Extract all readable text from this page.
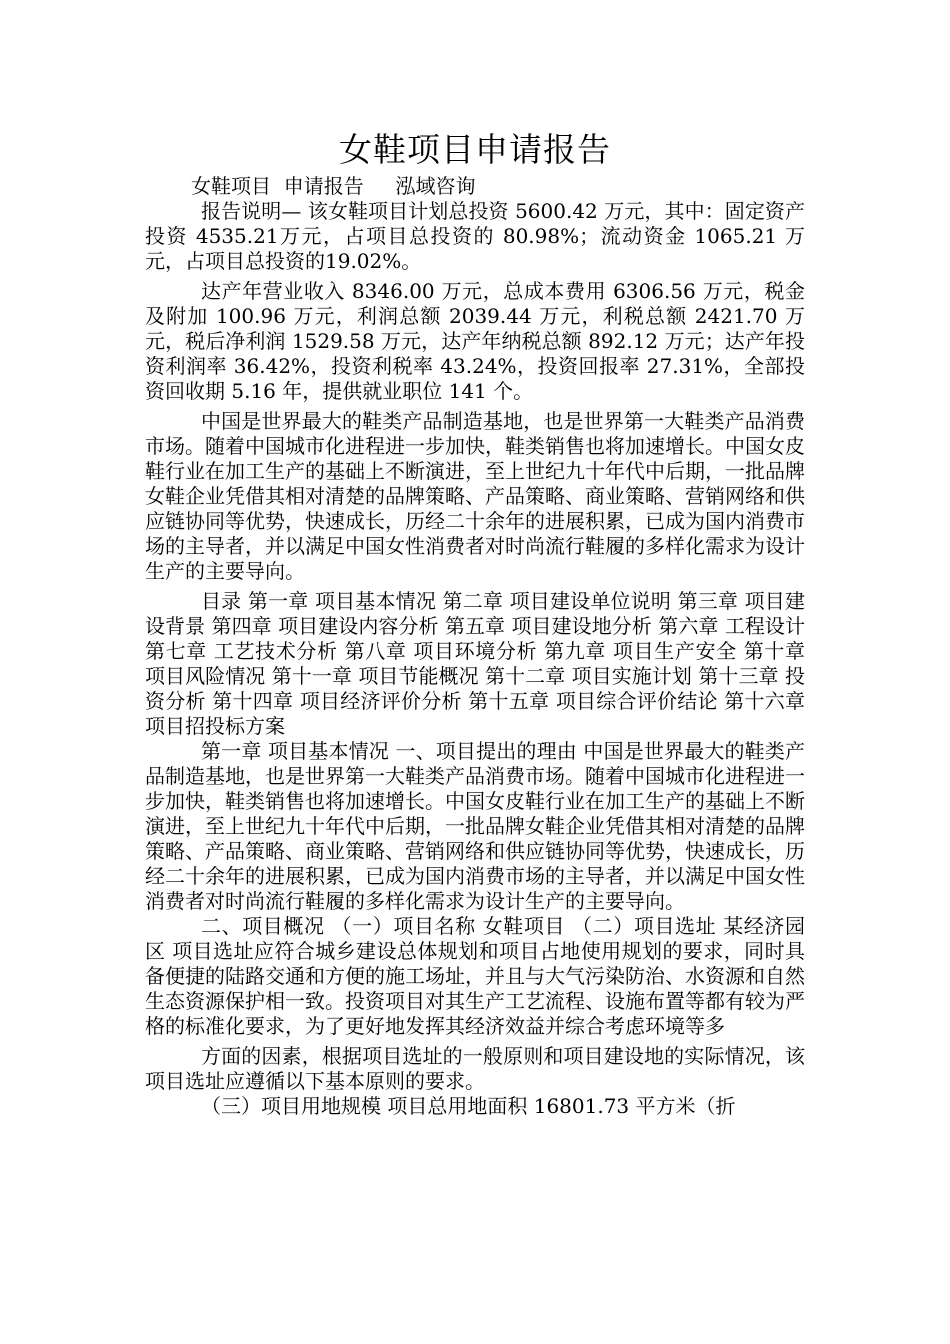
女鞋项目申请报告

女鞋项目  申请报告     泓域咨询

报告说明— 该女鞋项目计划总投资 5600.42 万元，其中：固定资产投资 4535.21万元，占项目总投资的 80.98%；流动资金 1065.21 万元，占项目总投资的19.02%。

达产年营业收入 8346.00 万元，总成本费用 6306.56 万元，税金及附加 100.96 万元，利润总额 2039.44 万元，利税总额 2421.70 万元，税后净利润 1529.58 万元，达产年纳税总额 892.12 万元；达产年投资利润率 36.42%，投资利税率 43.24%，投资回报率 27.31%，全部投资回收期 5.16 年，提供就业职位 141 个。

中国是世界最大的鞋类产品制造基地，也是世界第一大鞋类产品消费市场。随着中国城市化进程进一步加快，鞋类销售也将加速增长。中国女皮鞋行业在加工生产的基础上不断演进，至上世纪九十年代中后期，一批品牌女鞋企业凭借其相对清楚的品牌策略、产品策略、商业策略、营销网络和供应链协同等优势，快速成长，历经二十余年的进展积累，已成为国内消费市场的主导者，并以满足中国女性消费者对时尚流行鞋履的多样化需求为设计生产的主要导向。

目录 第一章 项目基本情况 第二章 项目建设单位说明 第三章 项目建设背景 第四章 项目建设内容分析 第五章 项目建设地分析 第六章 工程设计 第七章 工艺技术分析 第八章 项目环境分析 第九章 项目生产安全 第十章 项目风险情况 第十一章 项目节能概况 第十二章 项目实施计划 第十三章 投资分析 第十四章 项目经济评价分析 第十五章 项目综合评价结论 第十六章 项目招投标方案

第一章 项目基本情况 一、项目提出的理由 中国是世界最大的鞋类产品制造基地，也是世界第一大鞋类产品消费市场。随着中国城市化进程进一步加快，鞋类销售也将加速增长。中国女皮鞋行业在加工生产的基础上不断演进，至上世纪九十年代中后期，一批品牌女鞋企业凭借其相对清楚的品牌策略、产品策略、商业策略、营销网络和供应链协同等优势，快速成长，历经二十余年的进展积累，已成为国内消费市场的主导者，并以满足中国女性消费者对时尚流行鞋履的多样化需求为设计生产的主要导向。

二、项目概况 （一）项目名称 女鞋项目 （二）项目选址 某经济园区 项目选址应符合城乡建设总体规划和项目占地使用规划的要求，同时具备便捷的陆路交通和方便的施工场址，并且与大气污染防治、水资源和自然生态资源保护相一致。投资项目对其生产工艺流程、设施布置等都有较为严格的标准化要求，为了更好地发挥其经济效益并综合考虑环境等多

方面的因素，根据项目选址的一般原则和项目建设地的实际情况，该项目选址应遵循以下基本原则的要求。

（三）项目用地规模 项目总用地面积 16801.73 平方米（折
